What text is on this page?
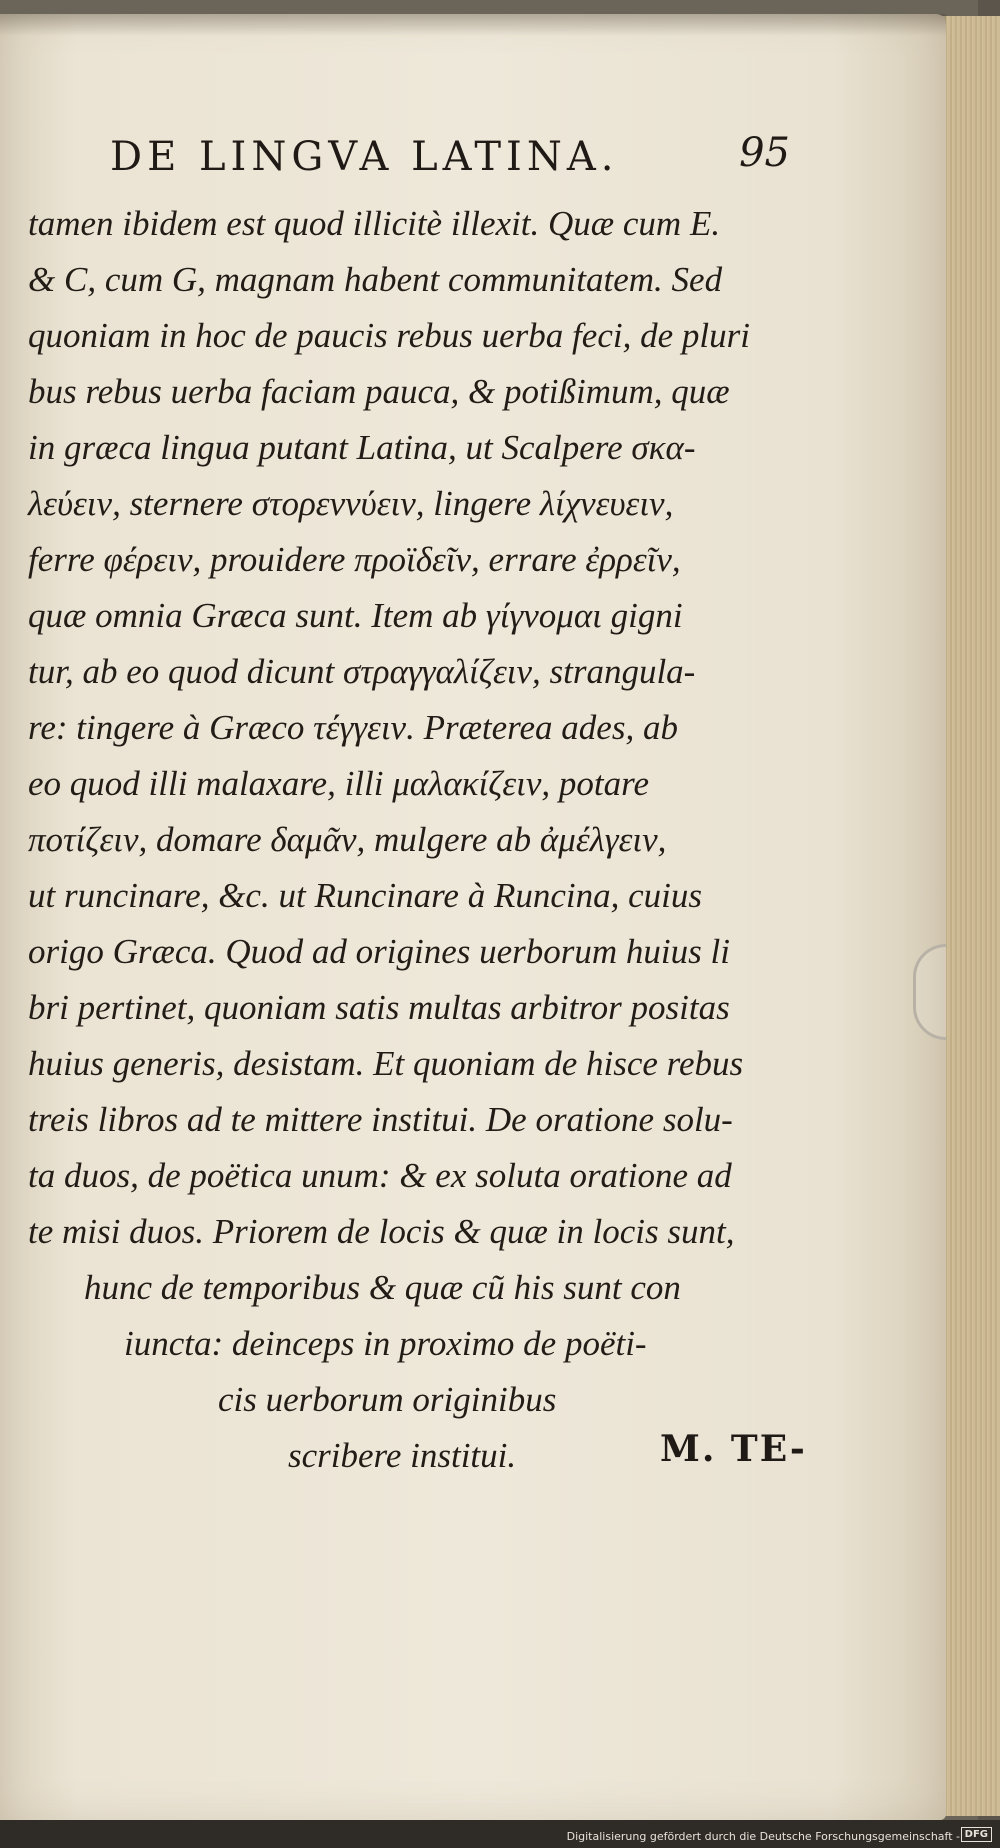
DE LINGVA LATINA.	95
tamen ibidem est quod illicitè illexit. Quæ cum E.
& C, cum G, magnam habent communitatem. Sed
quoniam in hoc de paucis rebus uerba feci, de pluri
bus rebus uerba faciam pauca, & potißimum, quæ
in græca lingua putant Latina, ut Scalpere σκα-
λεύειν, sternere στορεννύειν, lingere λίχνευειν,
ferre φέρειν, prouidere προϊδεῖν, errare ἐρρεῖν,
quæ omnia Græca sunt. Item ab γίγνομαι gigni
tur, ab eo quod dicunt στραγγαλίζειν, strangula-
re: tingere à Græco τέγγειν. Præterea ades, ab
eo quod illi malaxare, illi μαλακίζειν, potare
ποτίζειν, domare δαμᾶν, mulgere ab ἀμέλγειν,
ut runcinare, &c. ut Runcinare à Runcina, cuius
origo Græca. Quod ad origines uerborum huius li
bri pertinet, quoniam satis multas arbitror positas
huius generis, desistam. Et quoniam de hisce rebus
treis libros ad te mittere institui. De oratione solu-
ta duos, de poëtica unum: & ex soluta oratione ad
te misi duos. Priorem de locis & quæ in locis sunt,
hunc de temporibus & quæ cũ his sunt con
iuncta: deinceps in proximo de poëti-
cis uerborum originibus
scribere institui.	M. TE-
Digitalisierung gefördert durch die Deutsche Forschungsgemeinschaft - DFG
